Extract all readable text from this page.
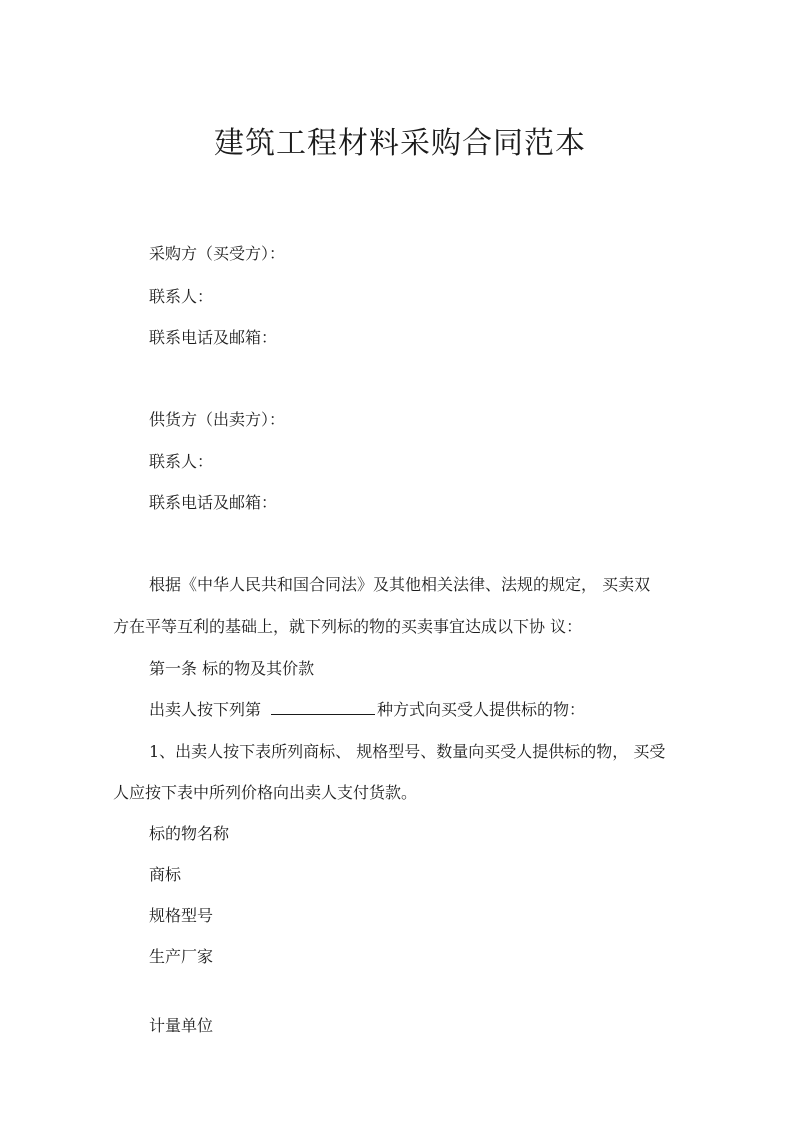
建筑工程材料采购合同范本
采购方（买受方）：
联系人：
联系电话及邮箱：
供货方（出卖方）：
联系人：
联系电话及邮箱：
根据《中华人民共和国合同法》及其他相关法律、法规的规定， 买卖双
方在平等互利的基础上，就下列标的物的买卖事宜达成以下协 议：
第一条 标的物及其价款
出卖人按下列第	种方式向买受人提供标的物：
1、出卖人按下表所列商标、 规格型号、数量向买受人提供标的物， 买受
人应按下表中所列价格向出卖人支付货款。
标的物名称
商标
规格型号
生产厂家
计量单位
